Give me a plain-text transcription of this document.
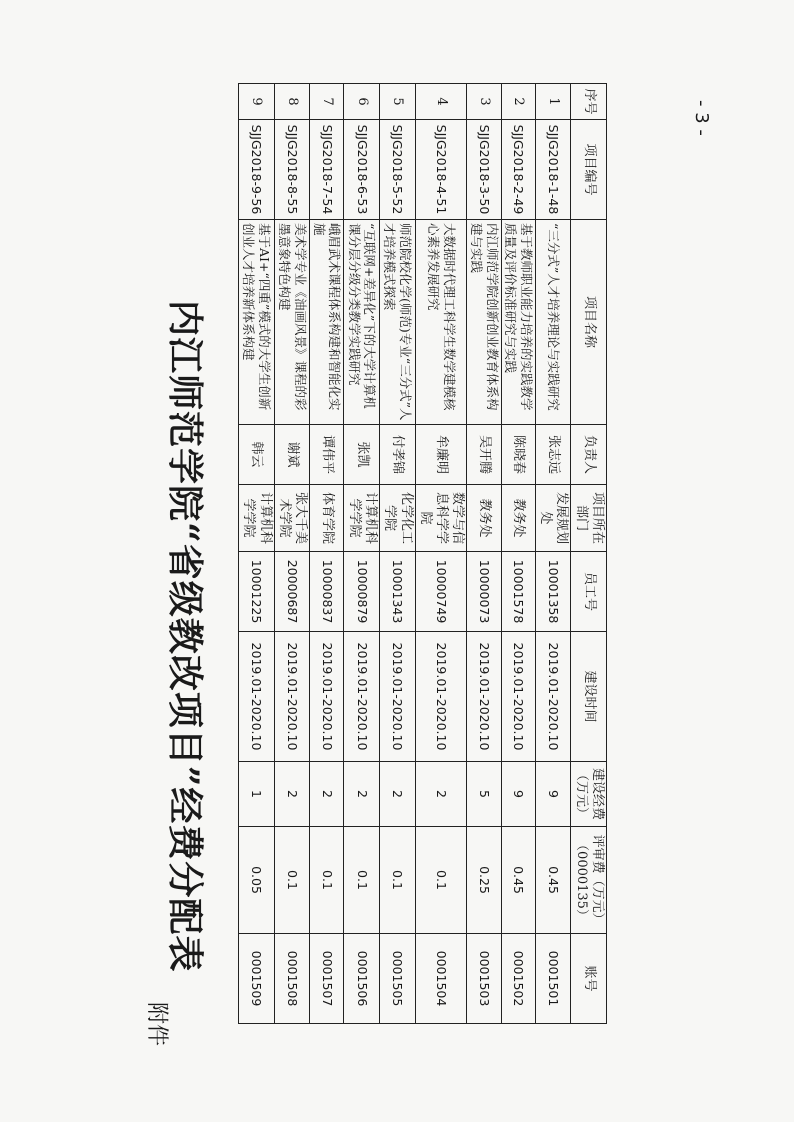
附件
内江师范学院“省级教改项目”经费分配表
- 3 -
序号	项目编号	项目名称	负责人	项目所在部门	员工号	建设时间	建设经费（万元）	评审费（万元）（0000135）	账号
1	SJJG2018-1-48	“三分式”人才培养理论与实践研究	张志远	发展规划处	10001358	2019.01-2020.10	9	0.45	0001501
2	SJJG2018-2-49	基于教师职业能力培养的实践教学质量及评价标准研究与实践	陈晓春	教务处	10001578	2019.01-2020.10	9	0.45	0001502
3	SJJG2018-3-50	内江师范学院创新创业教育体系构建与实践	吴开腾	教务处	10000073	2019.01-2020.10	5	0.25	0001503
4	SJJG2018-4-51	大数据时代理工科学生数学建模核心素养发展研究	牟廉明	数学与信息科学学院	10000749	2019.01-2020.10	2	0.1	0001504
5	SJJG2018-5-52	师范院校化学(师范)专业“三分式”人才培养模式探索	付孝锦	化学化工学院	10001343	2019.01-2020.10	2	0.1	0001505
6	SJJG2018-6-53	“互联网+差异化”下的大学计算机课分层分级分类教学实践研究	张凯	计算机科学学院	10000879	2019.01-2020.10	2	0.1	0001506
7	SJJG2018-7-54	峨眉武术课程体系构建和智能化实施	谭伟平	体育学院	10000837	2019.01-2020.10	2	0.1	0001507
8	SJJG2018-8-55	美术学专业《油画风景》课程的彩墨意象特色构建	谢斌	张大千美术学院	20000687	2019.01-2020.10	2	0.1	0001508
9	SJJG2018-9-56	基于AI+“四重”模式的大学生创新创业人才培养新体系构建	韩云	计算机科学学院	10001225	2019.01-2020.10	1	0.05	0001509
